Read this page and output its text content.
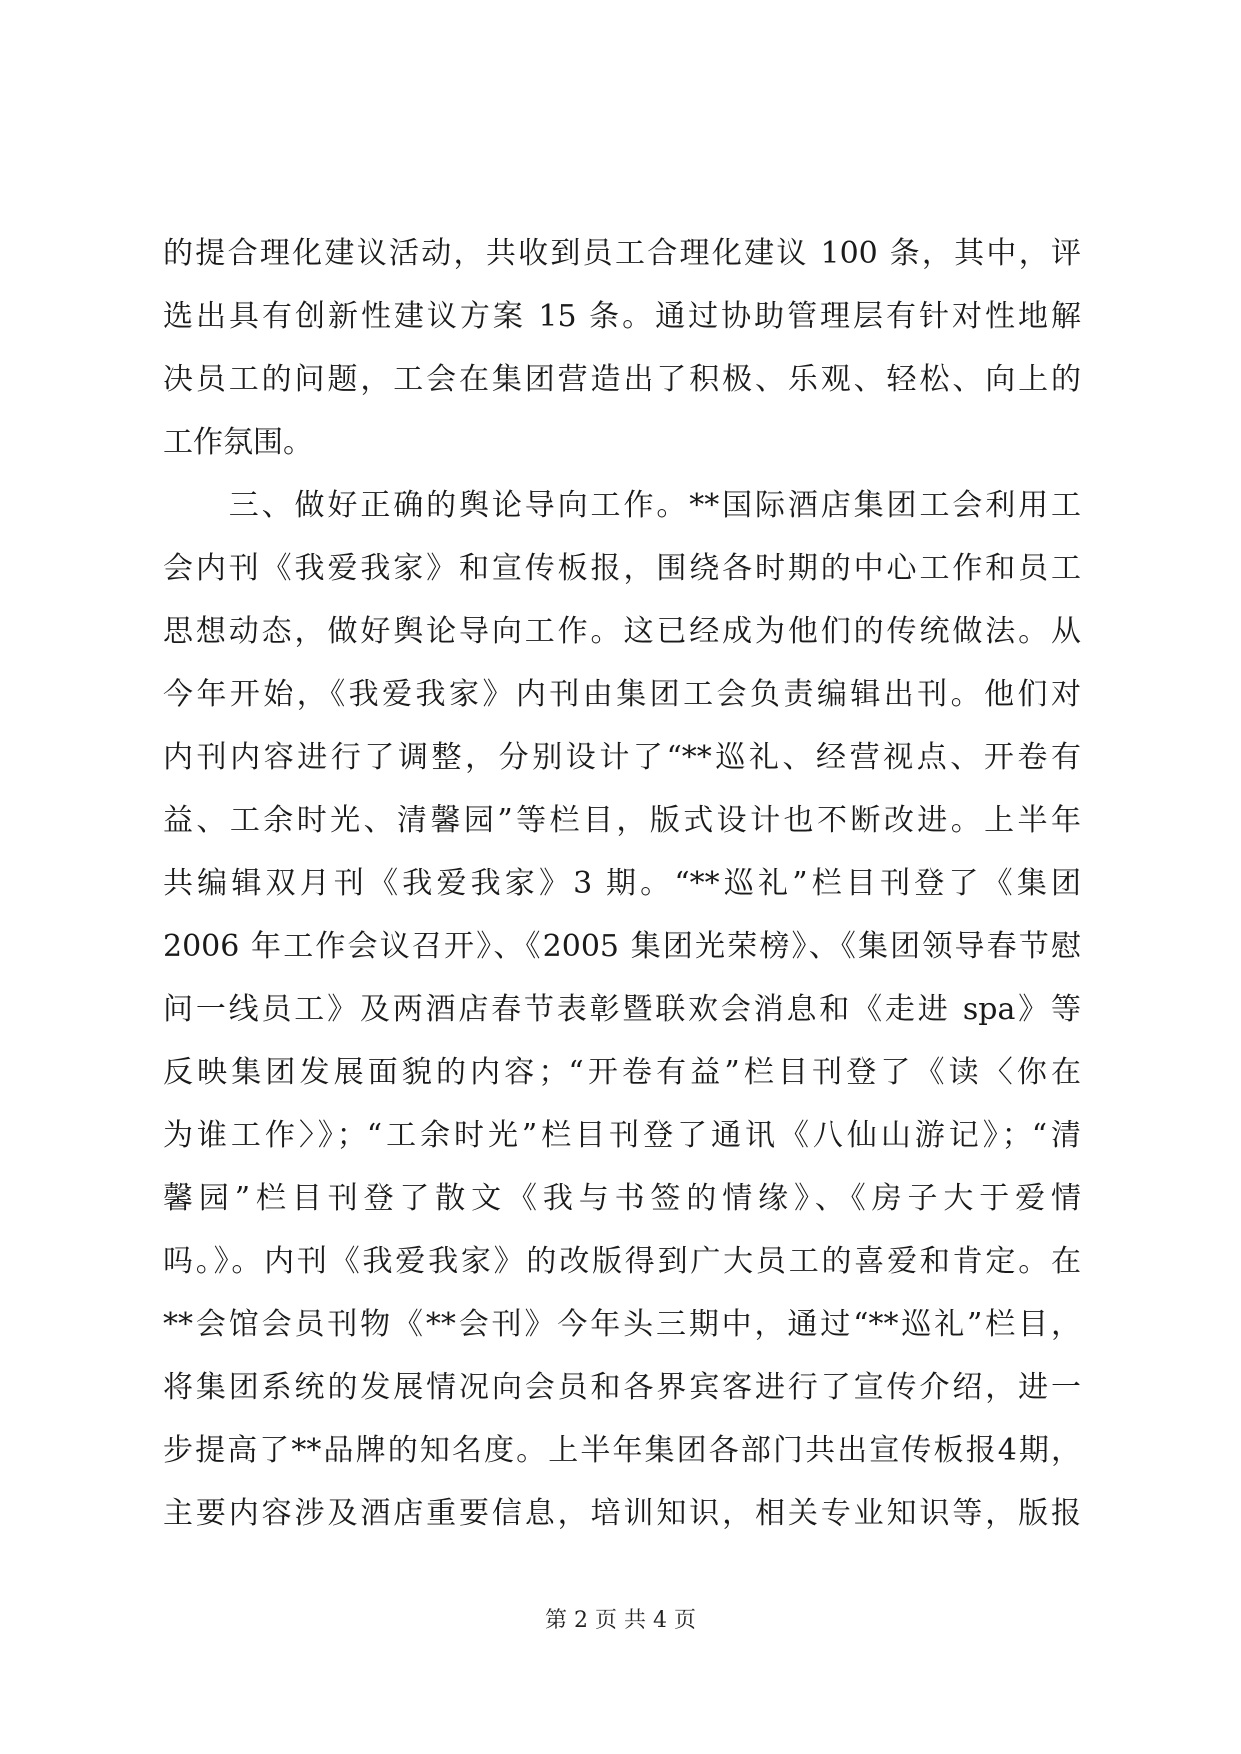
的提合理化建议活动，共收到员工合理化建议 100 条，其中，评
选出具有创新性建议方案 15 条。通过协助管理层有针对性地解
决员工的问题，工会在集团营造出了积极、乐观、轻松、向上的
工作氛围。
　　三、做好正确的舆论导向工作。**国际酒店集团工会利用工
会内刊《我爱我家》和宣传板报，围绕各时期的中心工作和员工
思想动态，做好舆论导向工作。这已经成为他们的传统做法。从
今年开始，《我爱我家》内刊由集团工会负责编辑出刊。他们对
内刊内容进行了调整，分别设计了“**巡礼、经营视点、开卷有
益、工余时光、清馨园”等栏目，版式设计也不断改进。上半年
共编辑双月刊《我爱我家》3 期。“**巡礼”栏目刊登了《集团
2006 年工作会议召开》、《2005 集团光荣榜》、《集团领导春节慰
问一线员工》及两酒店春节表彰暨联欢会消息和《走进 spa》等
反映集团发展面貌的内容；“开卷有益”栏目刊登了《读〈你在
为谁工作〉》；“工余时光”栏目刊登了通讯《八仙山游记》；“清
馨园”栏目刊登了散文《我与书签的情缘》、《房子大于爱情
吗。》。内刊《我爱我家》的改版得到广大员工的喜爱和肯定。在
**会馆会员刊物《**会刊》今年头三期中，通过“**巡礼”栏目，
将集团系统的发展情况向会员和各界宾客进行了宣传介绍，进一
步提高了**品牌的知名度。上半年集团各部门共出宣传板报4期，
主要内容涉及酒店重要信息，培训知识，相关专业知识等，版报
第 2 页 共 4 页
